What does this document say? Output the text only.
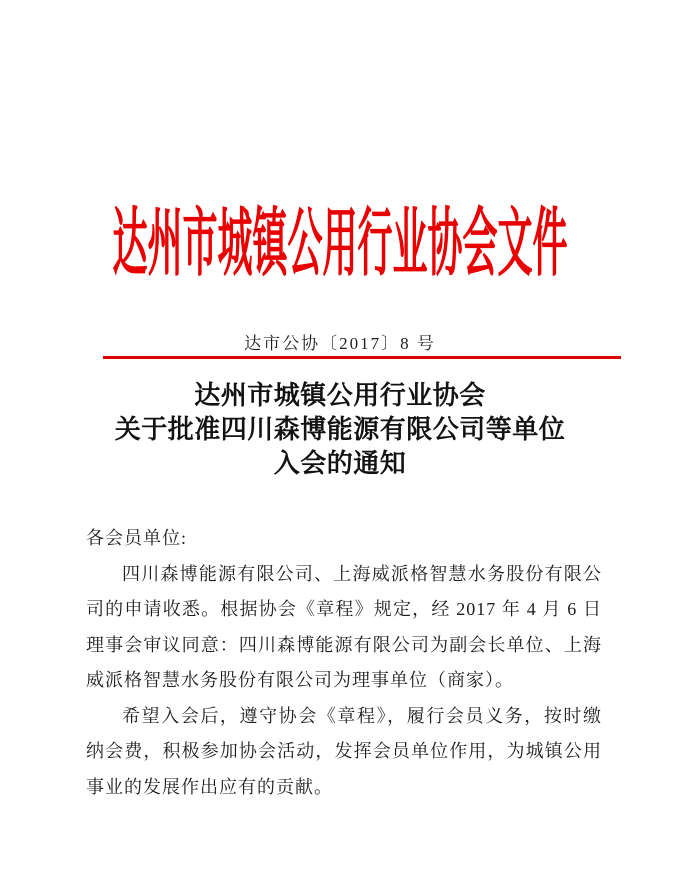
达州市城镇公用行业协会文件
达市公协〔2017〕8 号
达州市城镇公用行业协会
关于批准四川森博能源有限公司等单位
入会的通知

各会员单位:

四川森博能源有限公司、上海威派格智慧水务股份有限公司的申请收悉。根据协会《章程》规定，经 2017 年 4 月 6 日理事会审议同意：四川森博能源有限公司为副会长单位、上海威派格智慧水务股份有限公司为理事单位（商家）。

希望入会后，遵守协会《章程》，履行会员义务，按时缴纳会费，积极参加协会活动，发挥会员单位作用，为城镇公用事业的发展作出应有的贡献。
